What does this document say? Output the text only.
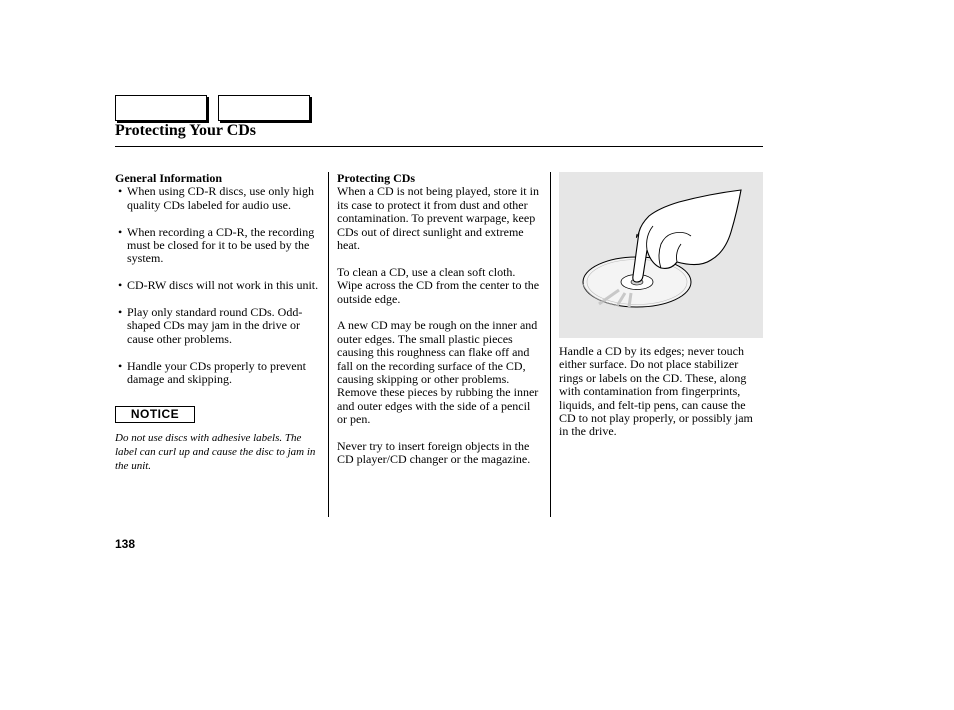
Protecting Your CDs
General Information
• When using CD-R discs, use only high quality CDs labeled for audio use.
• When recording a CD-R, the recording must be closed for it to be used by the system.
• CD-RW discs will not work in this unit.
• Play only standard round CDs. Odd-shaped CDs may jam in the drive or cause other problems.
• Handle your CDs properly to prevent damage and skipping.
NOTICE
Do not use discs with adhesive labels. The label can curl up and cause the disc to jam in the unit.
Protecting CDs

When a CD is not being played, store it in its case to protect it from dust and other contamination. To prevent warpage, keep CDs out of direct sunlight and extreme heat.

To clean a CD, use a clean soft cloth. Wipe across the CD from the center to the outside edge.

A new CD may be rough on the inner and outer edges. The small plastic pieces causing this roughness can flake off and fall on the recording surface of the CD, causing skipping or other problems. Remove these pieces by rubbing the inner and outer edges with the side of a pencil or pen.

Never try to insert foreign objects in the CD player/CD changer or the magazine.

Handle a CD by its edges; never touch either surface. Do not place stabilizer rings or labels on the CD. These, along with contamination from fingerprints, liquids, and felt-tip pens, can cause the CD to not play properly, or possibly jam in the drive.
138
